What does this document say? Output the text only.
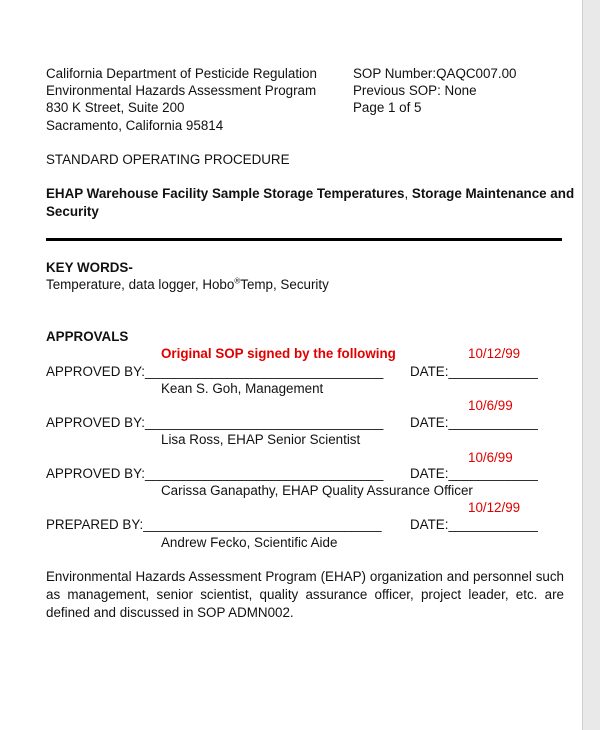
California Department of Pesticide Regulation
Environmental Hazards Assessment Program
830 K Street, Suite 200
Sacramento, California 95814
SOP Number:QAQC007.00
Previous SOP: None
Page 1 of 5
STANDARD OPERATING PROCEDURE
EHAP Warehouse Facility Sample Storage Temperatures, Storage Maintenance and
Security
KEY WORDS-
Temperature, data logger, Hobo®Temp, Security
APPROVALS
Original SOP signed by the following	10/12/99
APPROVED BY:________________________________ DATE:____________
Kean S. Goh, Management
10/6/99
APPROVED BY:________________________________ DATE:____________
Lisa Ross, EHAP Senior Scientist
10/6/99
APPROVED BY:________________________________ DATE:____________
Carissa Ganapathy, EHAP Quality Assurance Officer
10/12/99
PREPARED BY:________________________________ DATE:____________
Andrew Fecko, Scientific Aide
Environmental Hazards Assessment Program (EHAP) organization and personnel such as management, senior scientist, quality assurance officer, project leader, etc. are defined and discussed in SOP ADMN002.
